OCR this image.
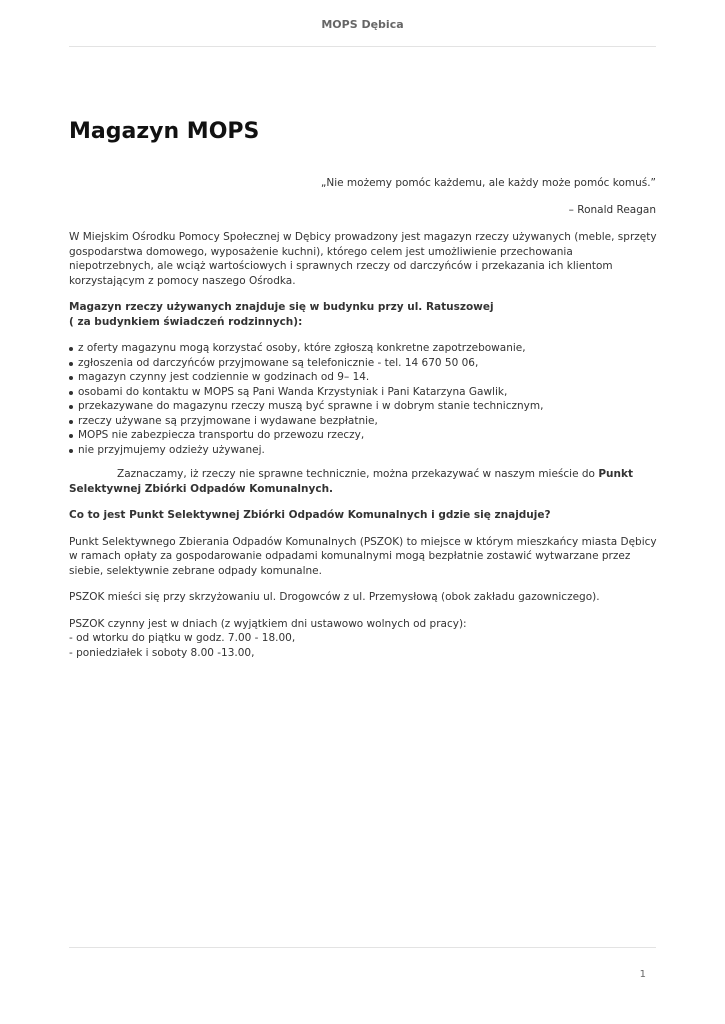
MOPS Dębica
Magazyn MOPS

„Nie możemy pomóc każdemu, ale każdy może pomóc komuś.”

– Ronald Reagan

W Miejskim Ośrodku Pomocy Społecznej w Dębicy prowadzony jest magazyn rzeczy używanych (meble, sprzęty gospodarstwa domowego, wyposażenie kuchni), którego celem jest umożliwienie przechowania niepotrzebnych, ale wciąż wartościowych i sprawnych rzeczy od darczyńców i przekazania ich klientom korzystającym z pomocy naszego Ośrodka.

Magazyn rzeczy używanych znajduje się w budynku przy ul. Ratuszowej
( za budynkiem świadczeń rodzinnych):

z oferty magazynu mogą korzystać osoby, które zgłoszą konkretne zapotrzebowanie,
zgłoszenia od darczyńców przyjmowane są telefonicznie - tel. 14 670 50 06,
magazyn czynny jest codziennie w godzinach od 9– 14.
osobami do kontaktu w MOPS są Pani Wanda Krzystyniak i Pani Katarzyna Gawlik,
przekazywane do magazynu rzeczy muszą być sprawne i w dobrym stanie technicznym,
rzeczy używane są przyjmowane i wydawane bezpłatnie,
MOPS nie zabezpiecza transportu do przewozu rzeczy,
nie przyjmujemy odzieży używanej.

Zaznaczamy, iż rzeczy nie sprawne technicznie, można przekazywać w naszym mieście do Punkt Selektywnej Zbiórki Odpadów Komunalnych.

Co to jest Punkt Selektywnej Zbiórki Odpadów Komunalnych i gdzie się znajduje?

Punkt Selektywnego Zbierania Odpadów Komunalnych (PSZOK) to miejsce w którym mieszkańcy miasta Dębicy w ramach opłaty za gospodarowanie odpadami komunalnymi mogą bezpłatnie zostawić wytwarzane przez siebie, selektywnie zebrane odpady komunalne.

PSZOK mieści się przy skrzyżowaniu ul. Drogowców z ul. Przemysłową (obok zakładu gazowniczego).

PSZOK czynny jest w dniach (z wyjątkiem dni ustawowo wolnych od pracy):
- od wtorku do piątku w godz. 7.00 - 18.00,
- poniedziałek i soboty 8.00 -13.00,

1
